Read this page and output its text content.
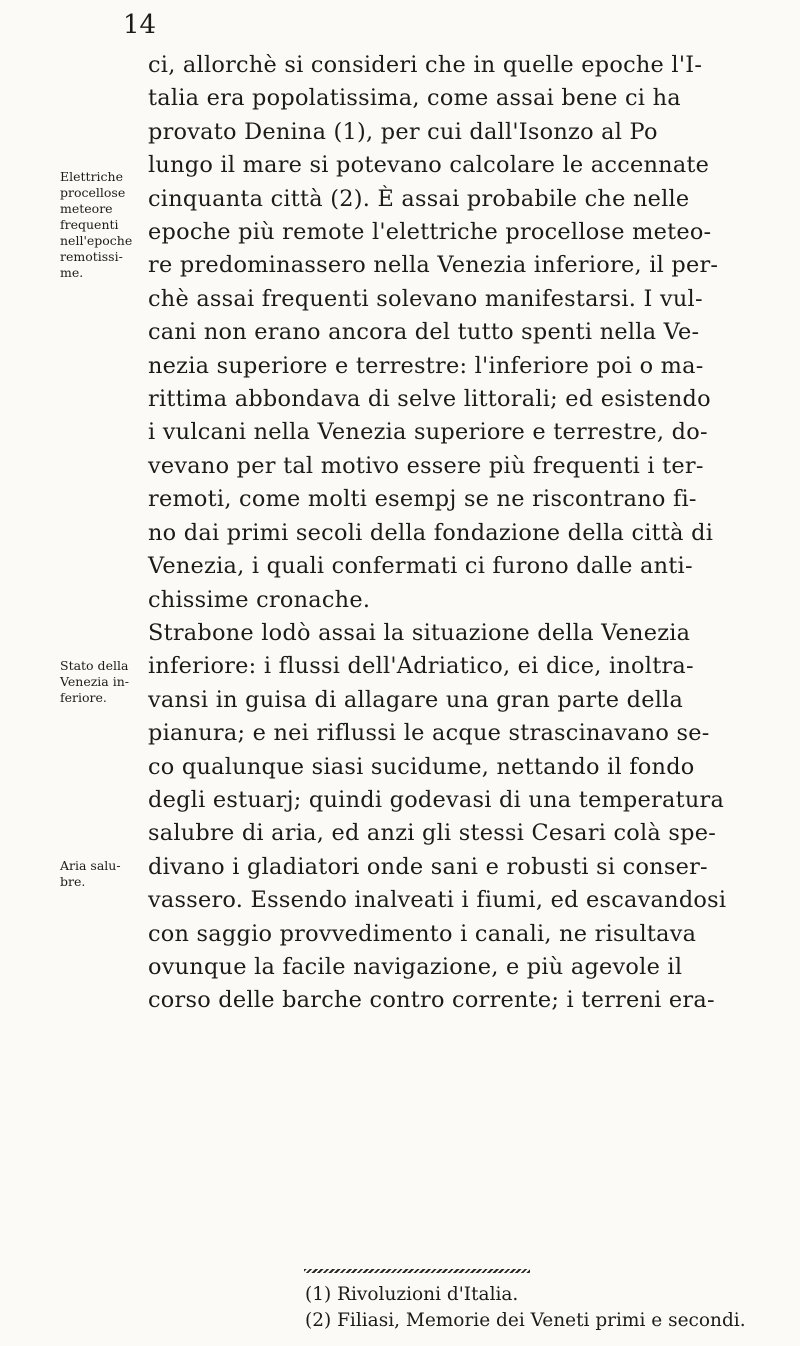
14
ci, allorchè si consideri che in quelle epoche l'I-
talia era popolatissima, come assai bene ci ha
provato Denina (1), per cui dall'Isonzo al Po
lungo il mare si potevano calcolare le accennate
cinquanta città (2). È assai probabile che nelle
epoche più remote l'elettriche procellose meteo-
re predominassero nella Venezia inferiore, il per-
chè assai frequenti solevano manifestarsi. I vul-
cani non erano ancora del tutto spenti nella Ve-
nezia superiore e terrestre: l'inferiore poi o ma-
rittima abbondava di selve littorali; ed esistendo
i vulcani nella Venezia superiore e terrestre, do-
vevano per tal motivo essere più frequenti i ter-
remoti, come molti esempj se ne riscontrano fi-
no dai primi secoli della fondazione della città di
Venezia, i quali confermati ci furono dalle anti-
chissime cronache.
Strabone lodò assai la situazione della Venezia
inferiore: i flussi dell'Adriatico, ei dice, inoltra-
vansi in guisa di allagare una gran parte della
pianura; e nei riflussi le acque strascinavano se-
co qualunque siasi sucidume, nettando il fondo
degli estuarj; quindi godevasi di una temperatura
salubre di aria, ed anzi gli stessi Cesari colà spe-
divano i gladiatori onde sani e robusti si conser-
vassero. Essendo inalveati i fiumi, ed escavandosi
con saggio provvedimento i canali, ne risultava
ovunque la facile navigazione, e più agevole il
corso delle barche contro corrente; i terreni era-
Elettriche
procellose
meteore
frequenti
nell'epoche
remotissi-
me.
Stato della
Venezia in-
feriore.
Aria salu-
bre.
(1) Rivoluzioni d'Italia.
(2) Filiasi, Memorie dei Veneti primi e secondi.
